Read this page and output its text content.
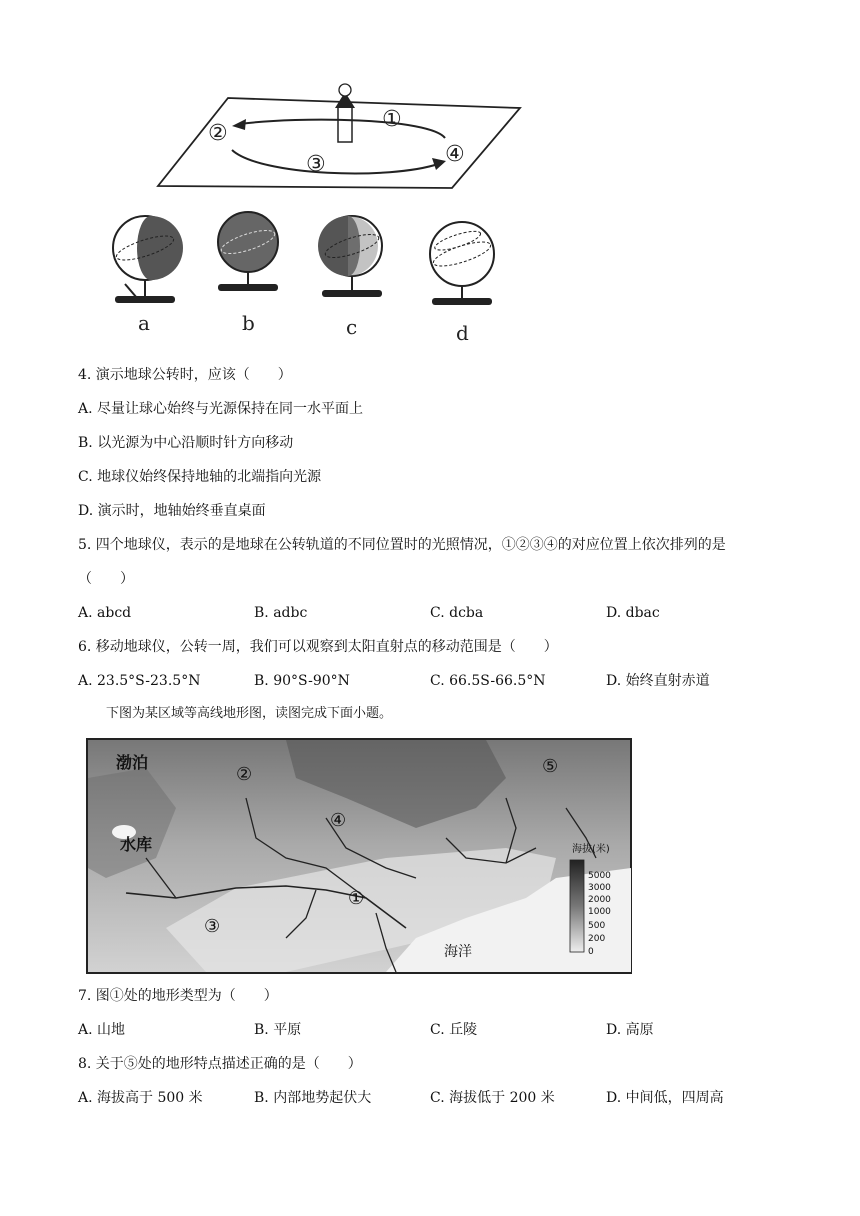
①
②
③	④
a	b	c	d
4. 演示地球公转时，应该（　　）
A. 尽量让球心始终与光源保持在同一水平面上
B. 以光源为中心沿顺时针方向移动
C. 地球仪始终保持地轴的北端指向光源
D. 演示时，地轴始终垂直桌面
5. 四个地球仪，表示的是地球在公转轨道的不同位置时的光照情况，①②③④的对应位置上依次排列的是
（　　）
A. abcd	B. adbc	C. dcba	D. dbac
6. 移动地球仪，公转一周，我们可以观察到太阳直射点的移动范围是（　　）
A. 23.5°S-23.5°N	B. 90°S-90°N	C. 66.5S-66.5°N	D. 始终直射赤道
下图为某区域等高线地形图，读图完成下面小题。
渤泊
水库
海洋
①
②
③
④
⑤
海拔(米)
5000
3000
2000
1000
500
200
0
7. 图①处的地形类型为（　　）
A. 山地	B. 平原	C. 丘陵	D. 高原
8. 关于⑤处的地形特点描述正确的是（　　）
A. 海拔高于 500 米	B. 内部地势起伏大	C. 海拔低于 200 米	D. 中间低，四周高
